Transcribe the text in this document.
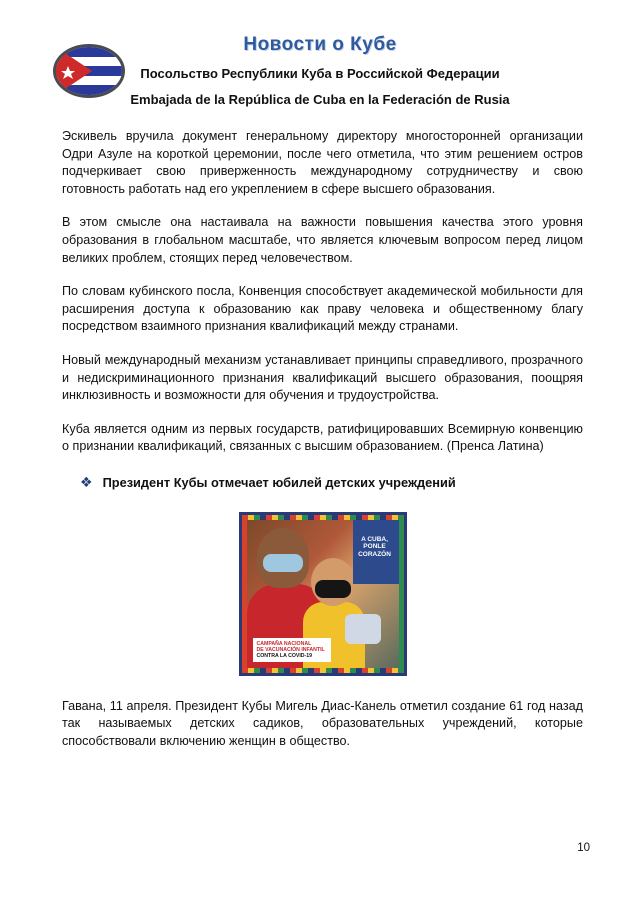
Новости о Кубе
Посольство Республики Куба в Российской Федерации
Embajada de la República de Cuba en la Federación de Rusia

Эскивель вручила документ генеральному директору многосторонней организации Одри Азуле на короткой церемонии, после чего отметила, что этим решением остров подчеркивает свою приверженность международному сотрудничеству и свою готовность работать над его укреплением в сфере высшего образования.

В этом смысле она настаивала на важности повышения качества этого уровня образования в глобальном масштабе, что является ключевым вопросом перед лицом великих проблем, стоящих перед человечеством.

По словам кубинского посла, Конвенция способствует академической мобильности для расширения доступа к образованию как праву человека и общественному благу посредством взаимного признания квалификаций между странами.

Новый международный механизм устанавливает принципы справедливого, прозрачного и недискриминационного признания квалификаций высшего образования, поощряя инклюзивность и возможности для обучения и трудоустройства.

Куба является одним из первых государств, ратифицировавших Всемирную конвенцию о признании квалификаций, связанных с высшим образованием. (Пренса Латина)

❖ Президент Кубы отмечает юбилей детских учреждений
A CUBA,
PONLE
CORAZÓN
CAMPAÑA NACIONAL
DE VACUNACIÓN INFANTIL
CONTRA LA COVID-19

Гавана, 11 апреля. Президент Кубы Мигель Диас-Канель отметил создание 61 год назад так называемых детских садиков, образовательных учреждений, которые способствовали включению женщин в общество.

10
